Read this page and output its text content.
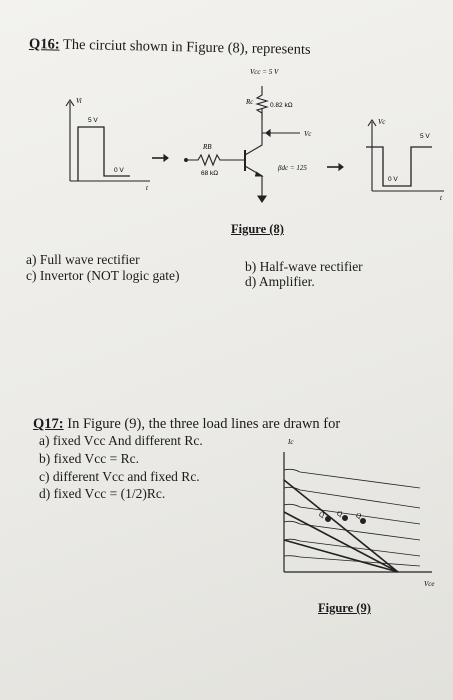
Q16: The circiut shown in Figure (8), represents
Vcc = 5 V
Rc	0.82 kΩ
Vc
RB
68 kΩ
βdc = 125
Vi
5 V
0 V
t
Vc
5 V
0 V
t
Figure (8)
a) Full wave rectifier
c) Invertor (NOT logic gate)
b) Half-wave rectifier
d) Amplifier.
Q17: In Figure (9), the three load lines are drawn for
a) fixed Vcc And different Rc.
b) fixed Vcc = Rc.
c) different Vcc and fixed Rc.
d) fixed Vcc = (1/2)Rc.
Ic
Vce
Q Q Q
Figure (9)
